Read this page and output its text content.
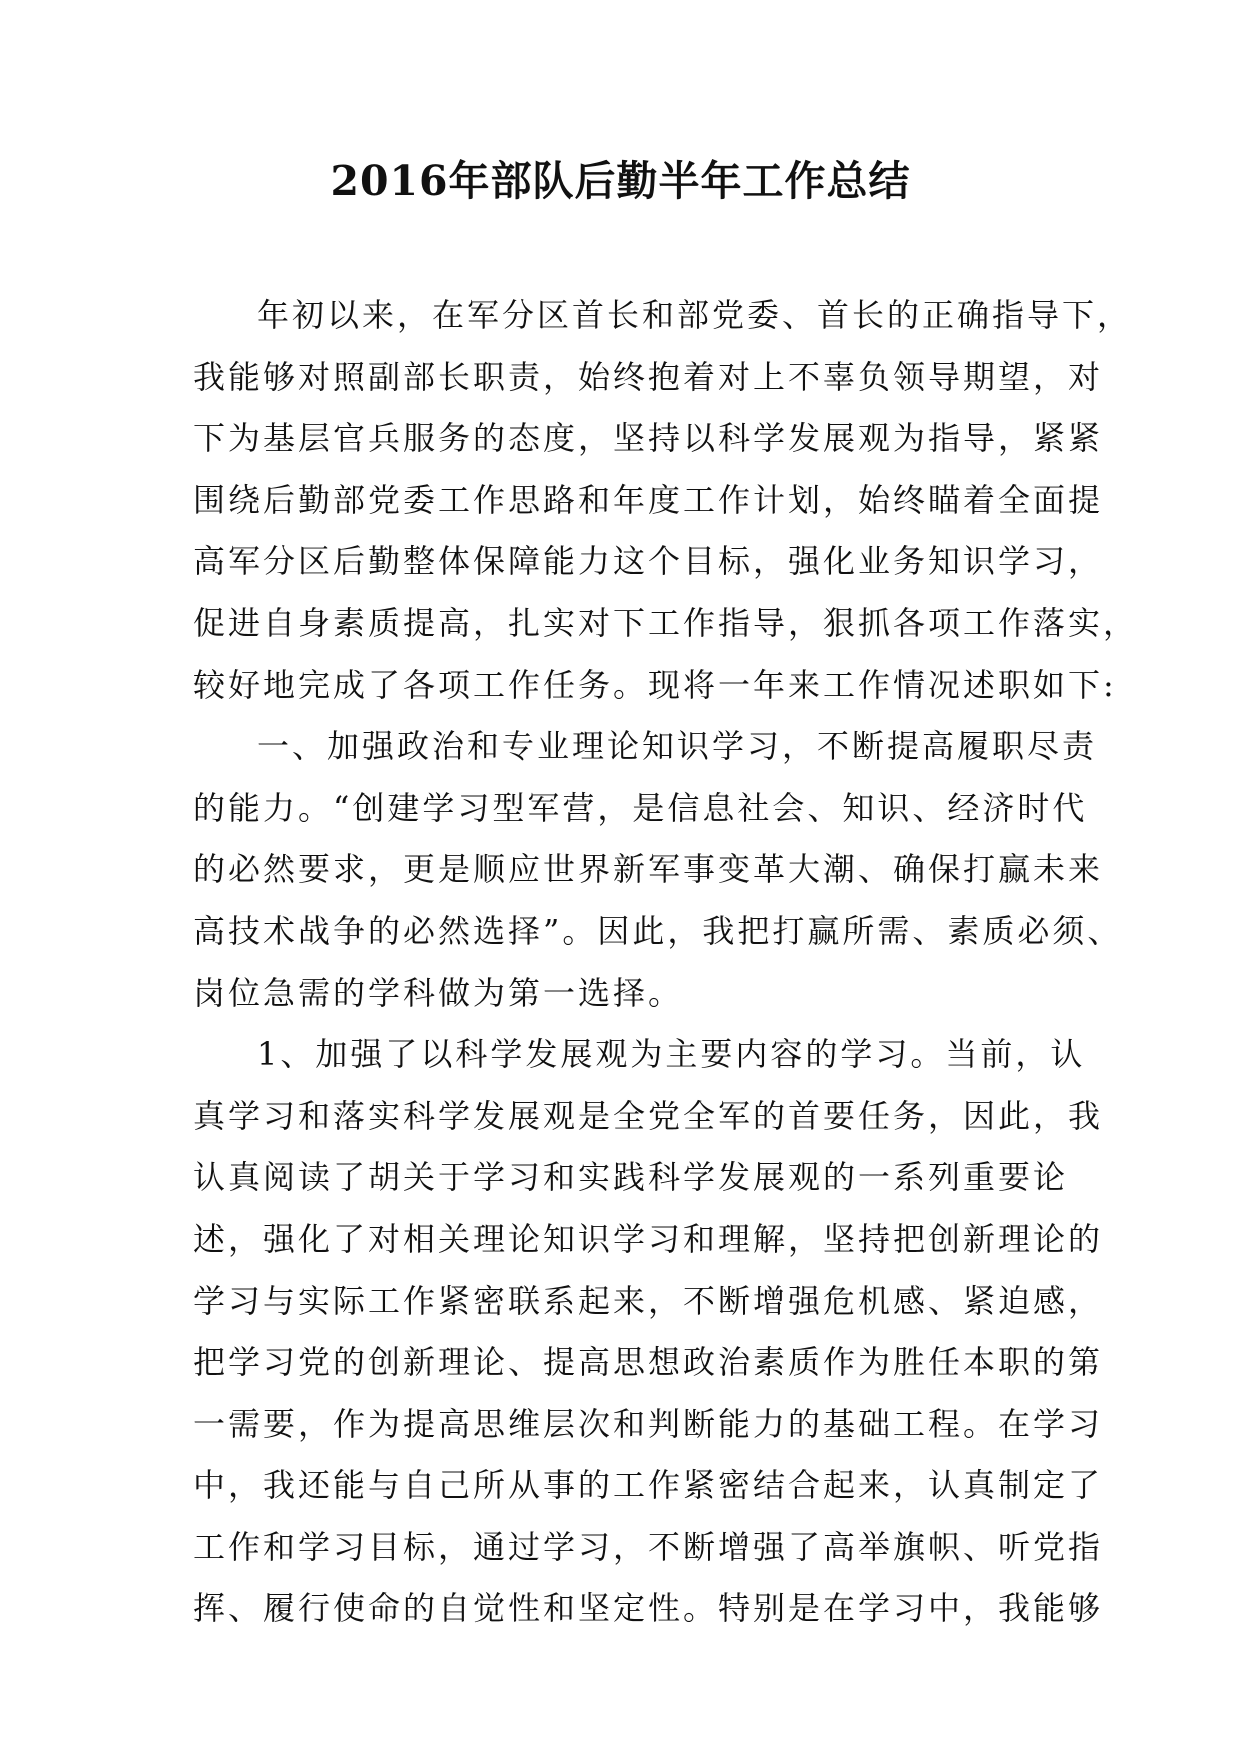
2016年部队后勤半年工作总结
年初以来，在军分区首长和部党委、首长的正确指导下，
我能够对照副部长职责，始终抱着对上不辜负领导期望，对
下为基层官兵服务的态度，坚持以科学发展观为指导，紧紧
围绕后勤部党委工作思路和年度工作计划，始终瞄着全面提
高军分区后勤整体保障能力这个目标，强化业务知识学习，
促进自身素质提高，扎实对下工作指导，狠抓各项工作落实，
较好地完成了各项工作任务。现将一年来工作情况述职如下:
一、加强政治和专业理论知识学习，不断提高履职尽责
的能力。“创建学习型军营，是信息社会、知识、经济时代
的必然要求，更是顺应世界新军事变革大潮、确保打赢未来
高技术战争的必然选择”。因此，我把打赢所需、素质必须、
岗位急需的学科做为第一选择。
1、加强了以科学发展观为主要内容的学习。当前，认
真学习和落实科学发展观是全党全军的首要任务，因此，我
认真阅读了胡关于学习和实践科学发展观的一系列重要论
述，强化了对相关理论知识学习和理解，坚持把创新理论的
学习与实际工作紧密联系起来，不断增强危机感、紧迫感，
把学习党的创新理论、提高思想政治素质作为胜任本职的第
一需要，作为提高思维层次和判断能力的基础工程。在学习
中，我还能与自己所从事的工作紧密结合起来，认真制定了
工作和学习目标，通过学习，不断增强了高举旗帜、听党指
挥、履行使命的自觉性和坚定性。特别是在学习中，我能够
